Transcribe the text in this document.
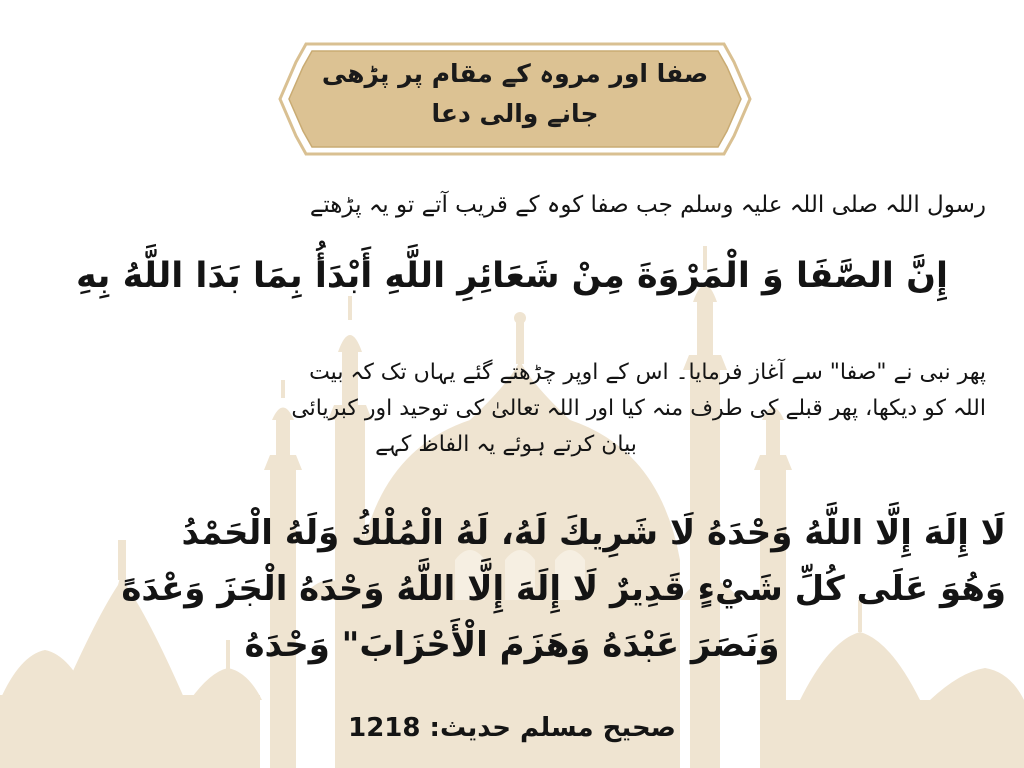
صفا اور مروہ کے مقام پر پڑھی
جانے والی دعا
رسول اللہ صلی اللہ علیہ وسلم جب صفا کوہ کے قریب آتے تو یہ پڑھتے
إِنَّ الصَّفَا وَ الْمَرْوَةَ مِنْ شَعَائِرِ اللَّهِ أَبْدَأُ بِمَا بَدَا اللَّهُ بِهِ
پھر نبی نے "صفا" سے آغاز فرمایا۔ اس کے اوپر چڑھتے گئے یہاں تک کہ بیت
اللہ کو دیکھا، پھر قبلے کی طرف منہ کیا اور اللہ تعالیٰ کی توحید اور کبریائی
بیان کرتے ہوئے یہ الفاظ کہے
لَا إِلَهَ إِلَّا اللَّهُ وَحْدَهُ لَا شَرِيكَ لَهُ، لَهُ الْمُلْكُ وَلَهُ الْحَمْدُ
وَهُوَ عَلَى كُلِّ شَيْءٍ قَدِيرٌ لَا إِلَهَ إِلَّا اللَّهُ وَحْدَهُ الْجَزَ وَعْدَهً
وَنَصَرَ عَبْدَهُ وَهَزَمَ الْأَحْزَابَ" وَحْدَهُ
صحیح مسلم حدیث: 1218
